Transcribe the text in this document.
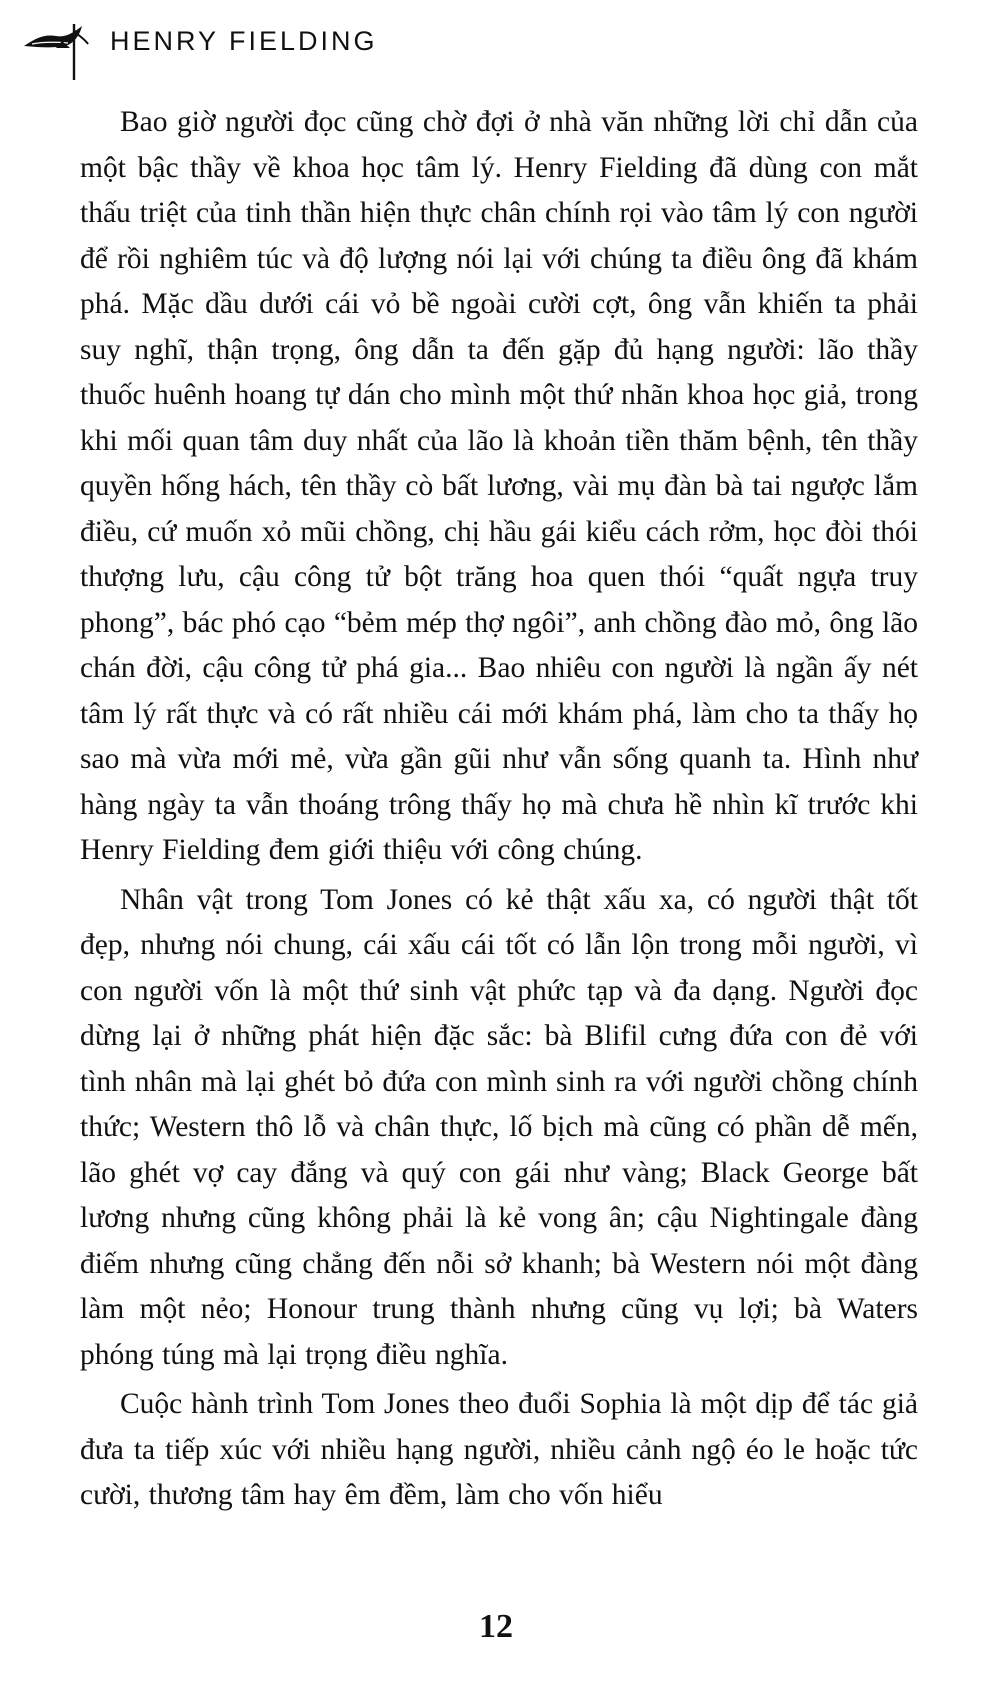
HENRY FIELDING

Bao giờ người đọc cũng chờ đợi ở nhà văn những lời chỉ dẫn của một bậc thầy về khoa học tâm lý. Henry Fielding đã dùng con mắt thấu triệt của tinh thần hiện thực chân chính rọi vào tâm lý con người để rồi nghiêm túc và độ lượng nói lại với chúng ta điều ông đã khám phá. Mặc dầu dưới cái vỏ bề ngoài cười cợt, ông vẫn khiến ta phải suy nghĩ, thận trọng, ông dẫn ta đến gặp đủ hạng người: lão thầy thuốc huênh hoang tự dán cho mình một thứ nhãn khoa học giả, trong khi mối quan tâm duy nhất của lão là khoản tiền thăm bệnh, tên thầy quyền hống hách, tên thầy cò bất lương, vài mụ đàn bà tai ngược lắm điều, cứ muốn xỏ mũi chồng, chị hầu gái kiểu cách rởm, học đòi thói thượng lưu, cậu công tử bột trăng hoa quen thói “quất ngựa truy phong”, bác phó cạo “bẻm mép thợ ngôi”, anh chồng đào mỏ, ông lão chán đời, cậu công tử phá gia... Bao nhiêu con người là ngần ấy nét tâm lý rất thực và có rất nhiều cái mới khám phá, làm cho ta thấy họ sao mà vừa mới mẻ, vừa gần gũi như vẫn sống quanh ta. Hình như hàng ngày ta vẫn thoáng trông thấy họ mà chưa hề nhìn kĩ trước khi Henry Fielding đem giới thiệu với công chúng.

Nhân vật trong Tom Jones có kẻ thật xấu xa, có người thật tốt đẹp, nhưng nói chung, cái xấu cái tốt có lẫn lộn trong mỗi người, vì con người vốn là một thứ sinh vật phức tạp và đa dạng. Người đọc dừng lại ở những phát hiện đặc sắc: bà Blifil cưng đứa con đẻ với tình nhân mà lại ghét bỏ đứa con mình sinh ra với người chồng chính thức; Western thô lỗ và chân thực, lố bịch mà cũng có phần dễ mến, lão ghét vợ cay đắng và quý con gái như vàng; Black George bất lương nhưng cũng không phải là kẻ vong ân; cậu Nightingale đàng điếm nhưng cũng chẳng đến nỗi sở khanh; bà Western nói một đàng làm một nẻo; Honour trung thành nhưng cũng vụ lợi; bà Waters phóng túng mà lại trọng điều nghĩa.

Cuộc hành trình Tom Jones theo đuổi Sophia là một dịp để tác giả đưa ta tiếp xúc với nhiều hạng người, nhiều cảnh ngộ éo le hoặc tức cười, thương tâm hay êm đềm, làm cho vốn hiểu

12
